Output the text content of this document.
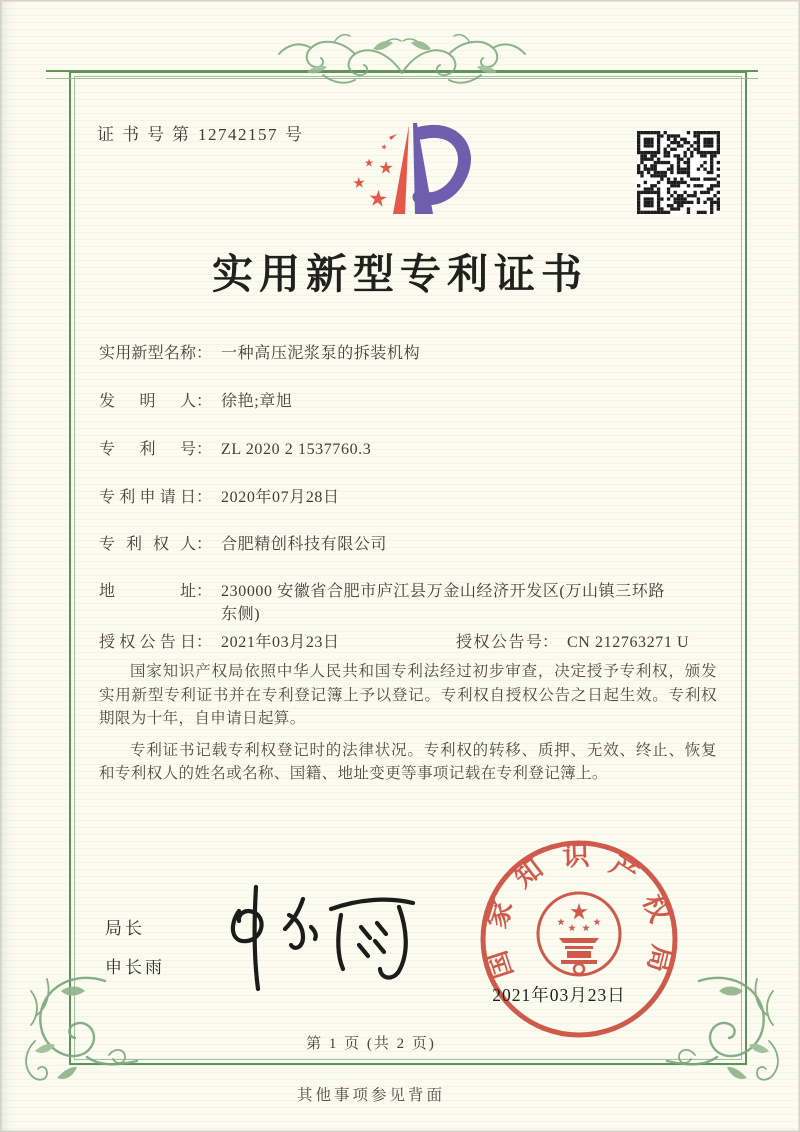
证书号第12742157 号
实用新型专利证书
实用新型名称： 一种高压泥浆泵的拆装机构
发明人： 徐艳;章旭
专利号： ZL 2020 2 1537760.3
专利申请日： 2020年07月28日
专利权人： 合肥精创科技有限公司
地址： 230000 安徽省合肥市庐江县万金山经济开发区(万山镇三环路东侧)
授权公告日： 2021年03月23日	授权公告号： CN 212763271 U

国家知识产权局依照中华人民共和国专利法经过初步审查，决定授予专利权，颁发实用新型专利证书并在专利登记簿上予以登记。专利权自授权公告之日起生效。专利权期限为十年，自申请日起算。

专利证书记载专利权登记时的法律状况。专利权的转移、质押、无效、终止、恢复和专利权人的姓名或名称、国籍、地址变更等事项记载在专利登记簿上。

局长
申长雨	国家知识产权局
2021年03月23日
第 1 页 (共 2 页)
其他事项参见背面
